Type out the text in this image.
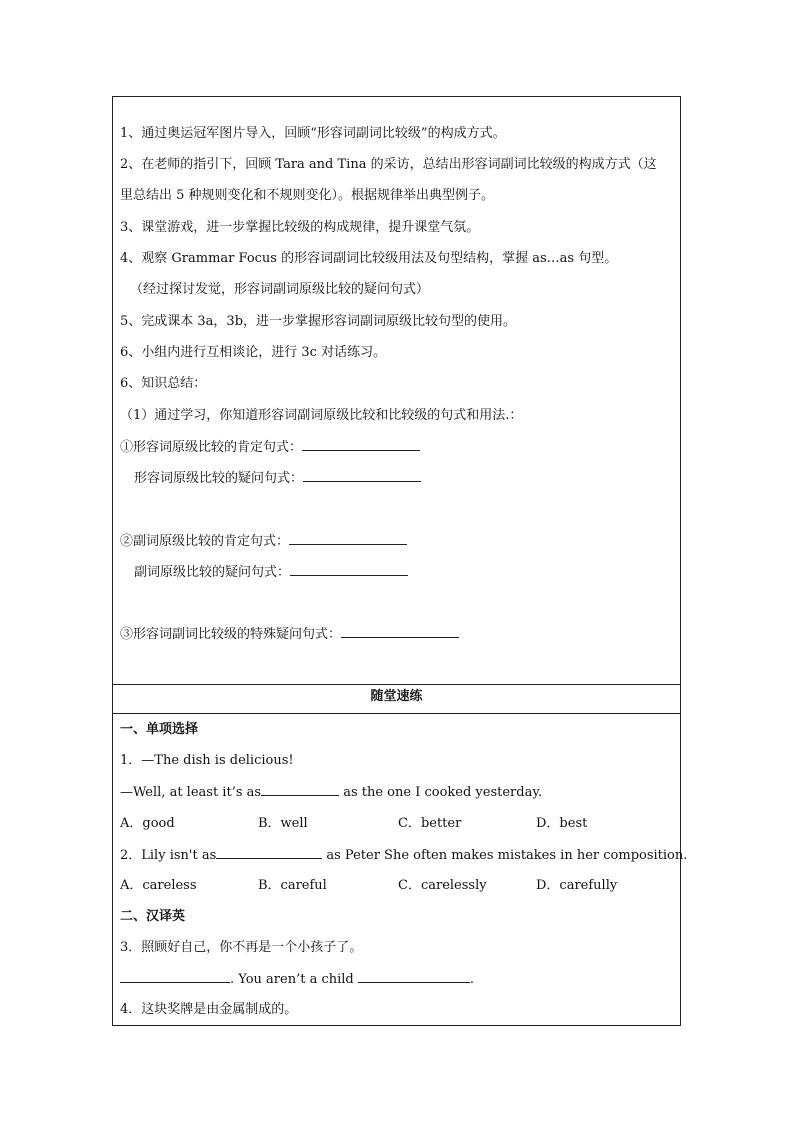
1、通过奥运冠军图片导入，回顾“形容词副词比较级”的构成方式。
2、在老师的指引下，回顾 Tara and Tina 的采访，总结出形容词副词比较级的构成方式（这
里总结出 5 种规则变化和不规则变化）。根据规律举出典型例子。
3、课堂游戏，进一步掌握比较级的构成规律，提升课堂气氛。
4、观察 Grammar Focus 的形容词副词比较级用法及句型结构，掌握 as…as 句型。
（经过探讨发觉，形容词副词原级比较的疑问句式）
5、完成课本 3a，3b，进一步掌握形容词副词原级比较句型的使用。
6、小组内进行互相谈论，进行 3c 对话练习。
6、知识总结：
（1）通过学习，你知道形容词副词原级比较和比较级的句式和用法.：
①形容词原级比较的肯定句式：
形容词原级比较的疑问句式：
②副词原级比较的肯定句式：
副词原级比较的疑问句式：
③形容词副词比较级的特殊疑问句式：
随堂速练
一、单项选择
1．—The dish is delicious!
—Well, at least it’s as	as the one I cooked yesterday.
A．good	B．well	C．better	D．best
2．Lily isn't as	as Peter She often makes mistakes in her composition.
A．careless	B．careful	C．carelessly	D．carefully
二、汉译英
3．照顾好自己，你不再是一个小孩子了。
. You aren’t a child	.
4．这块奖牌是由金属制成的。
